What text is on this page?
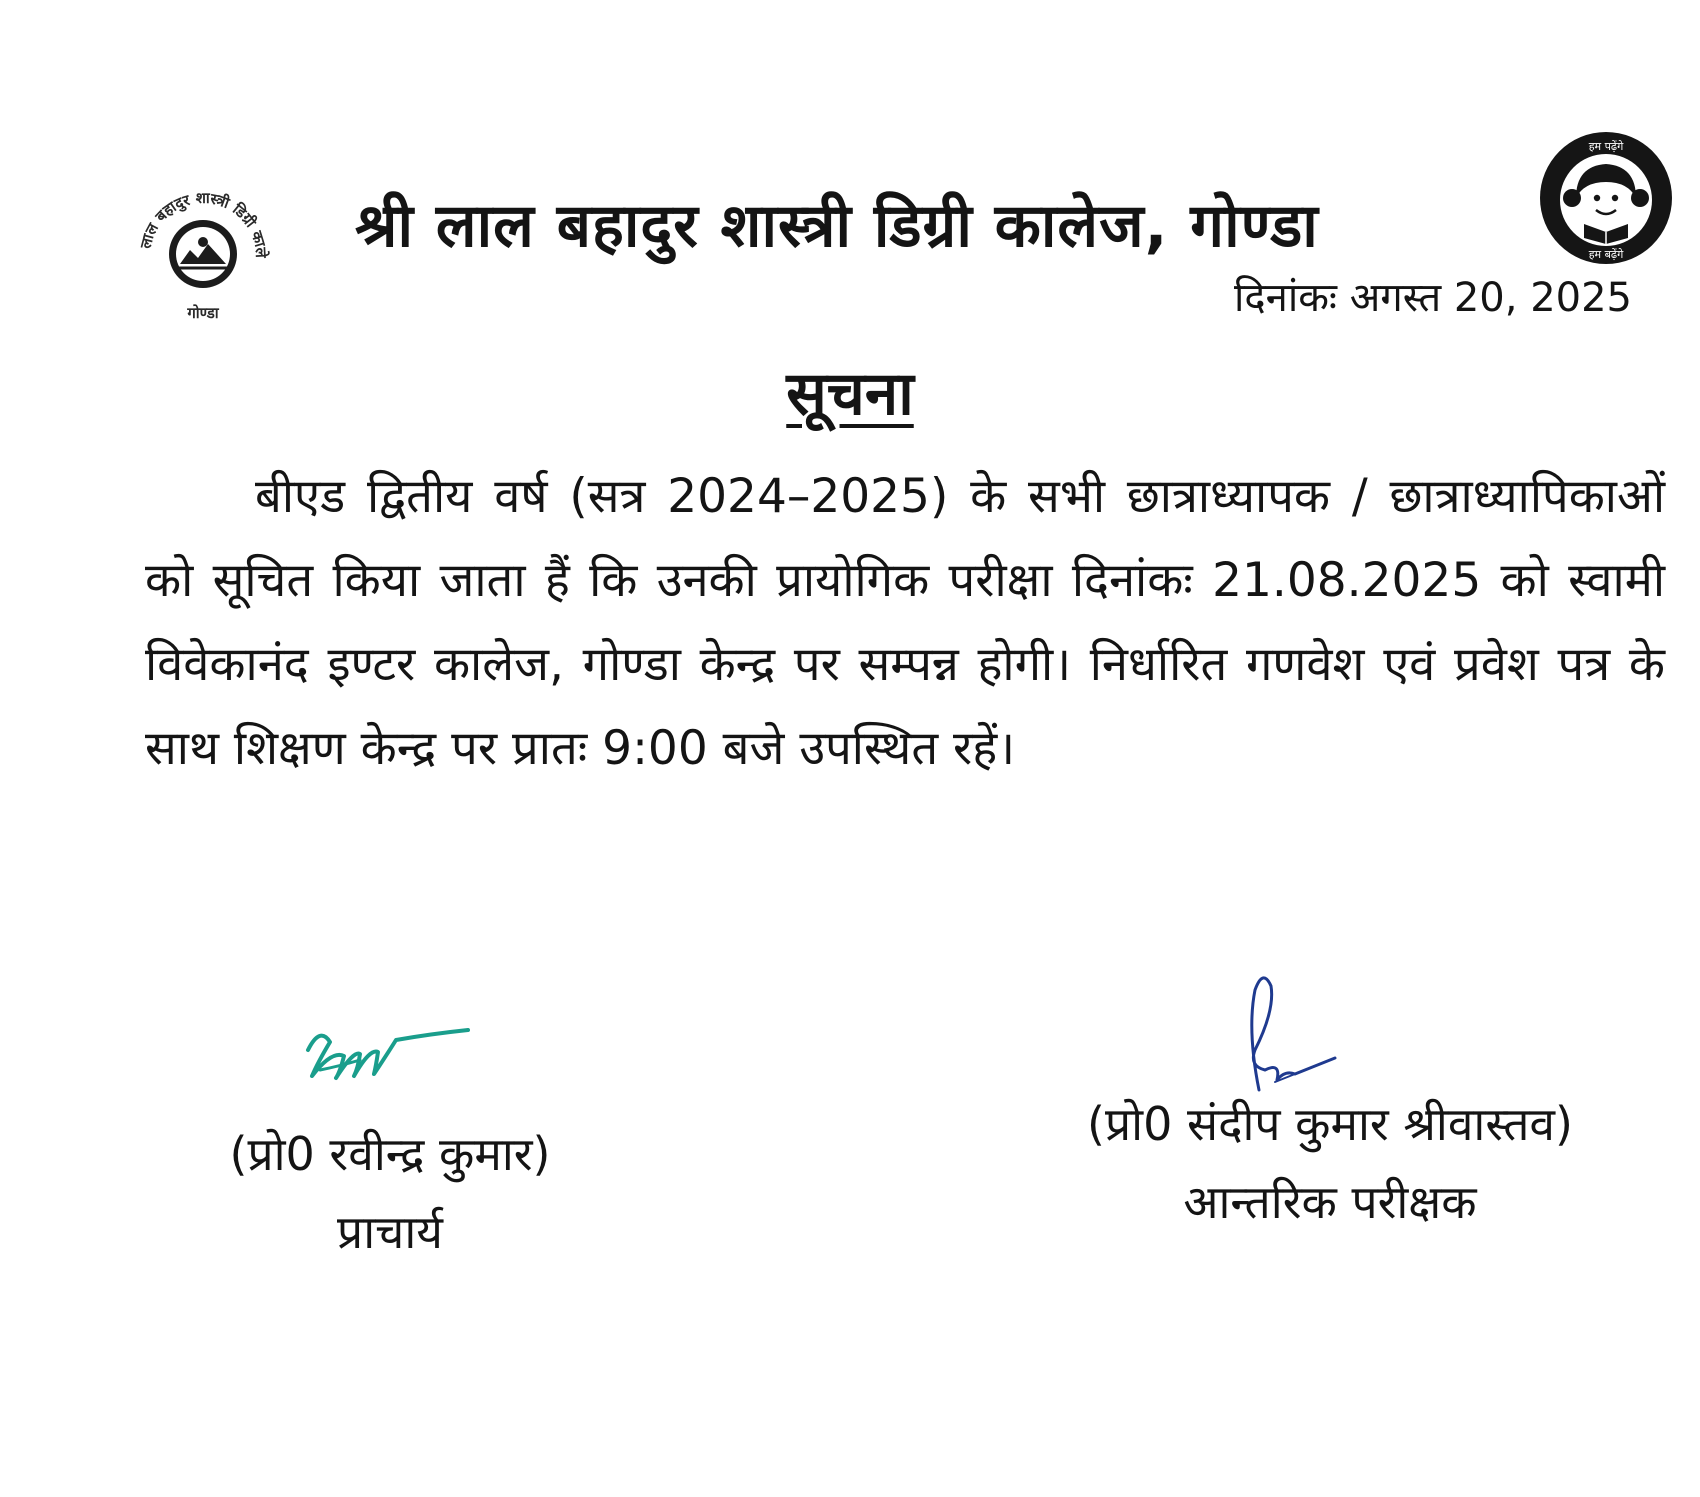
लाल बहादुर शास्त्री डिग्री काले
गोण्डा
श्री लाल बहादुर शास्त्री डिग्री कालेज, गोण्डा
हम पढ़ेंगे
हम बढ़ेंगे
दिनांकः अगस्त 20, 2025
सूचना

बीएड द्वितीय वर्ष (सत्र 2024–2025) के सभी छात्राध्यापक / छात्राध्यापिकाओं को सूचित किया जाता हैं कि उनकी प्रायोगिक परीक्षा दिनांकः 21.08.2025 को स्वामी विवेकानंद इण्टर कालेज, गोण्डा केन्द्र पर सम्पन्न होगी। निर्धारित गणवेश एवं प्रवेश पत्र के साथ शिक्षण केन्द्र पर प्रातः 9:00 बजे उपस्थित रहें।

(प्रो0 रवीन्द्र कुमार)
प्राचार्य
(प्रो0 संदीप कुमार श्रीवास्तव)
आन्तरिक परीक्षक
